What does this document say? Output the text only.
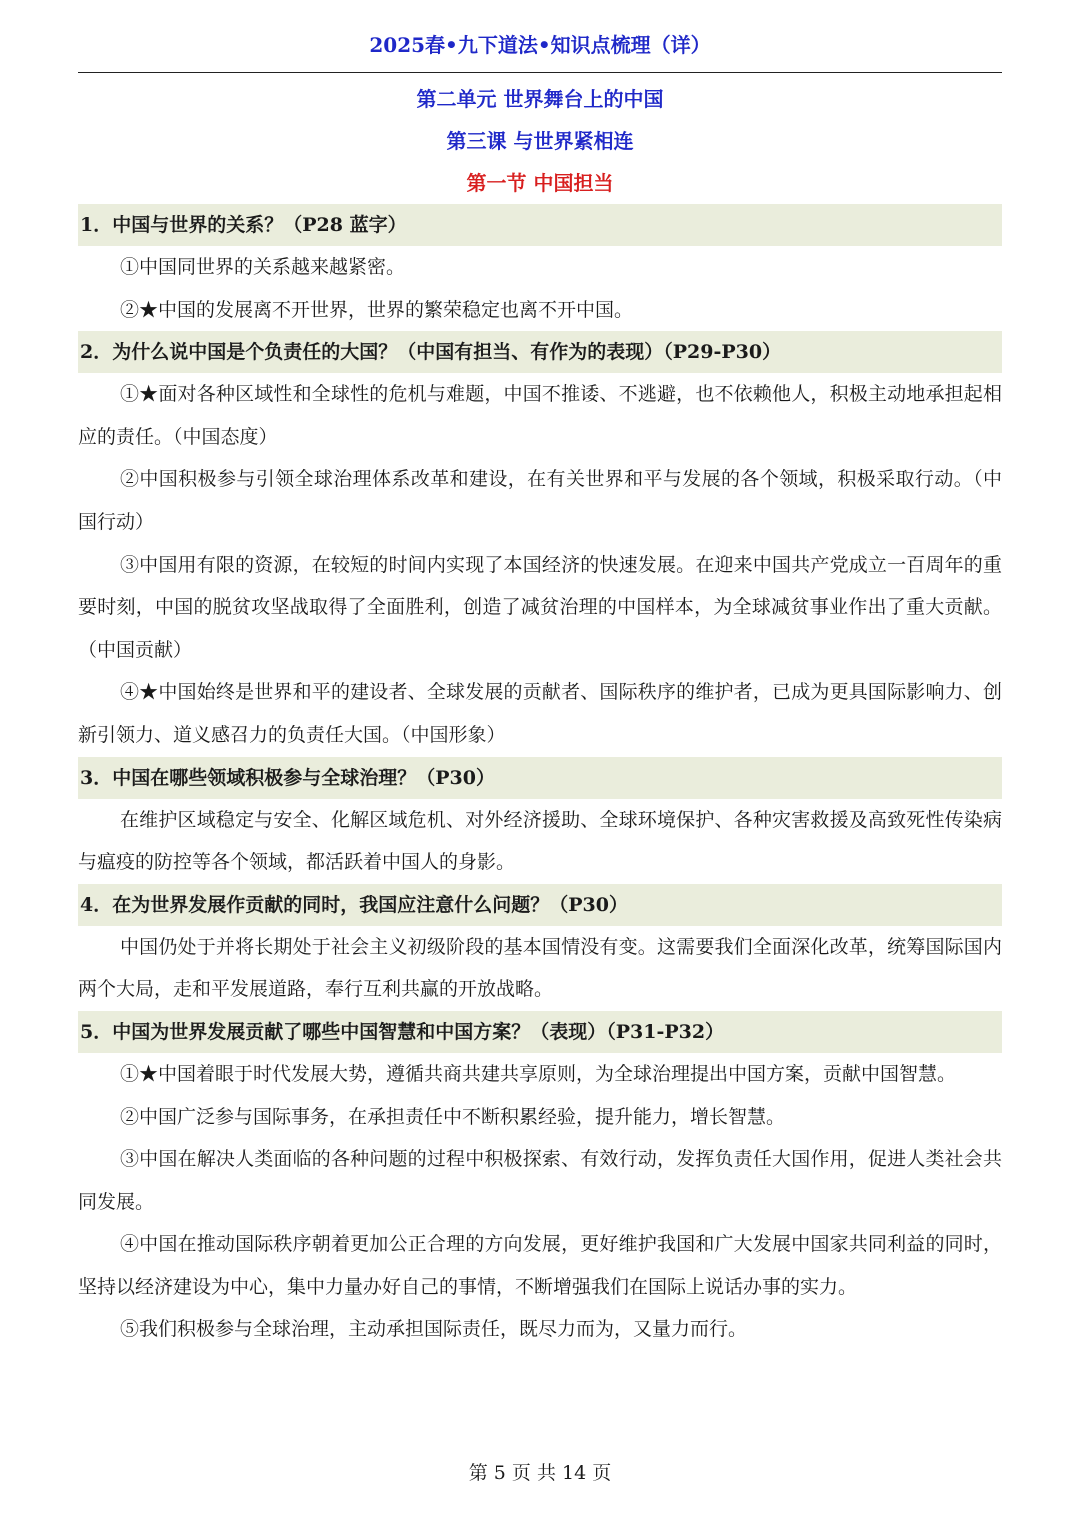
2025春•九下道法•知识点梳理（详）
第二单元 世界舞台上的中国
第三课 与世界紧相连
第一节 中国担当
1．中国与世界的关系？（P28 蓝字）
①中国同世界的关系越来越紧密。
②★中国的发展离不开世界，世界的繁荣稳定也离不开中国。
2．为什么说中国是个负责任的大国？（中国有担当、有作为的表现）（P29-P30）
①★面对各种区域性和全球性的危机与难题，中国不推诿、不逃避，也不依赖他人，积极主动地承担起相应的责任。（中国态度）
②中国积极参与引领全球治理体系改革和建设，在有关世界和平与发展的各个领域，积极采取行动。（中国行动）
③中国用有限的资源，在较短的时间内实现了本国经济的快速发展。在迎来中国共产党成立一百周年的重要时刻，中国的脱贫攻坚战取得了全面胜利，创造了减贫治理的中国样本，为全球减贫事业作出了重大贡献。（中国贡献）
④★中国始终是世界和平的建设者、全球发展的贡献者、国际秩序的维护者，已成为更具国际影响力、创新引领力、道义感召力的负责任大国。（中国形象）
3．中国在哪些领域积极参与全球治理？（P30）
在维护区域稳定与安全、化解区域危机、对外经济援助、全球环境保护、各种灾害救援及高致死性传染病与瘟疫的防控等各个领域，都活跃着中国人的身影。
4．在为世界发展作贡献的同时，我国应注意什么问题？（P30）
中国仍处于并将长期处于社会主义初级阶段的基本国情没有变。这需要我们全面深化改革，统筹国际国内两个大局，走和平发展道路，奉行互利共赢的开放战略。
5．中国为世界发展贡献了哪些中国智慧和中国方案？（表现）（P31-P32）
①★中国着眼于时代发展大势，遵循共商共建共享原则，为全球治理提出中国方案，贡献中国智慧。
②中国广泛参与国际事务，在承担责任中不断积累经验，提升能力，增长智慧。
③中国在解决人类面临的各种问题的过程中积极探索、有效行动，发挥负责任大国作用，促进人类社会共同发展。
④中国在推动国际秩序朝着更加公正合理的方向发展，更好维护我国和广大发展中国家共同利益的同时，坚持以经济建设为中心，集中力量办好自己的事情，不断增强我们在国际上说话办事的实力。
⑤我们积极参与全球治理，主动承担国际责任，既尽力而为，又量力而行。
第 5 页 共 14 页
